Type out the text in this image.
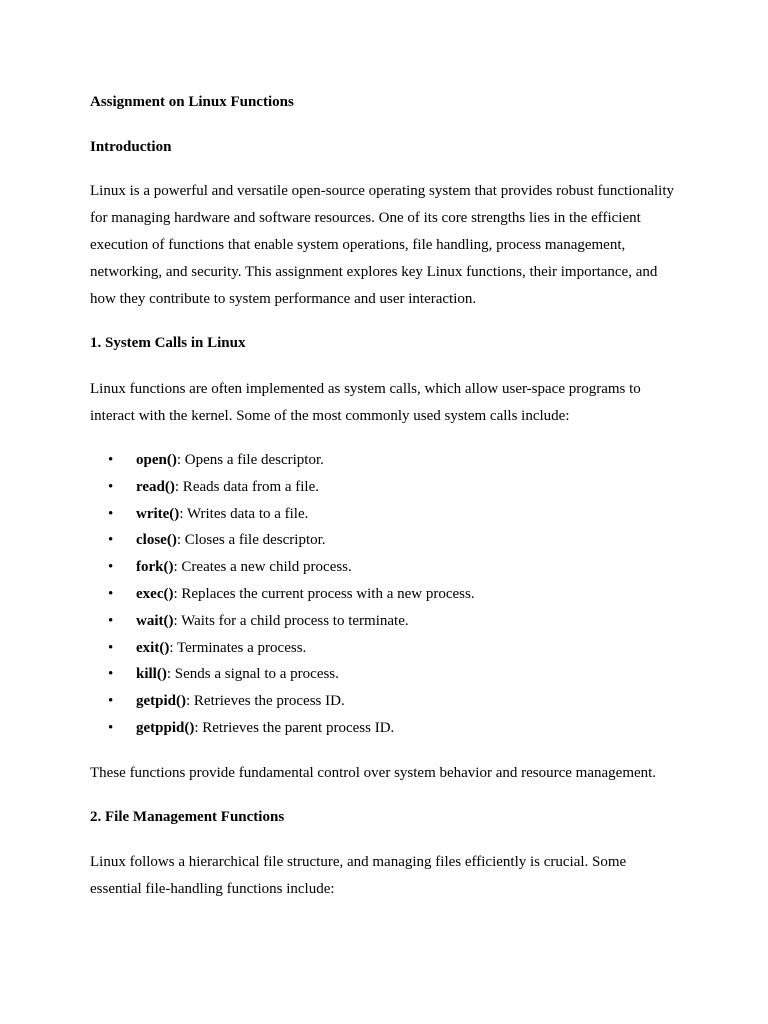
Assignment on Linux Functions
Introduction
Linux is a powerful and versatile open-source operating system that provides robust functionality
for managing hardware and software resources. One of its core strengths lies in the efficient
execution of functions that enable system operations, file handling, process management,
networking, and security. This assignment explores key Linux functions, their importance, and
how they contribute to system performance and user interaction.
1. System Calls in Linux
Linux functions are often implemented as system calls, which allow user-space programs to
interact with the kernel. Some of the most commonly used system calls include:
• open(): Opens a file descriptor.
• read(): Reads data from a file.
• write(): Writes data to a file.
• close(): Closes a file descriptor.
• fork(): Creates a new child process.
• exec(): Replaces the current process with a new process.
• wait(): Waits for a child process to terminate.
• exit(): Terminates a process.
• kill(): Sends a signal to a process.
• getpid(): Retrieves the process ID.
• getppid(): Retrieves the parent process ID.
These functions provide fundamental control over system behavior and resource management.
2. File Management Functions
Linux follows a hierarchical file structure, and managing files efficiently is crucial. Some
essential file-handling functions include:
